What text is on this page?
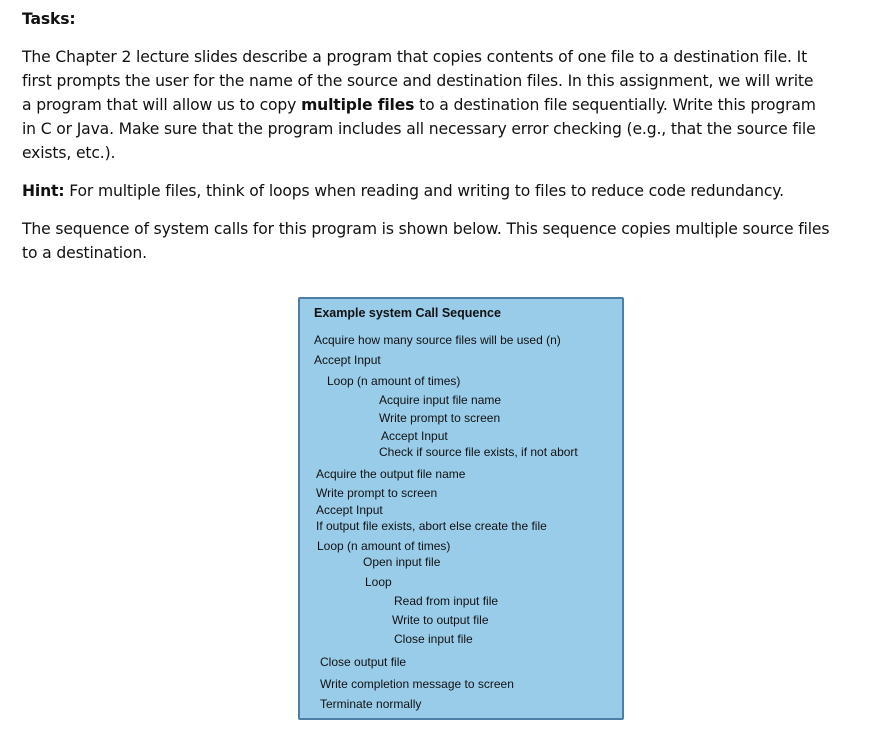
Tasks:
The Chapter 2 lecture slides describe a program that copies contents of one file to a destination file. It
first prompts the user for the name of the source and destination files. In this assignment, we will write
a program that will allow us to copy multiple files to a destination file sequentially. Write this program
in C or Java. Make sure that the program includes all necessary error checking (e.g., that the source file
exists, etc.).
Hint: For multiple files, think of loops when reading and writing to files to reduce code redundancy.
The sequence of system calls for this program is shown below. This sequence copies multiple source files
to a destination.
Example system Call Sequence
Acquire how many source files will be used (n)
Accept Input
Loop (n amount of times)
Acquire input file name
Write prompt to screen
Accept Input
Check if source file exists, if not abort
Acquire the output file name
Write prompt to screen
Accept Input
If output file exists, abort else create the file
Loop (n amount of times)
Open input file
Loop
Read from input file
Write to output file
Close input file
Close output file
Write completion message to screen
Terminate normally
